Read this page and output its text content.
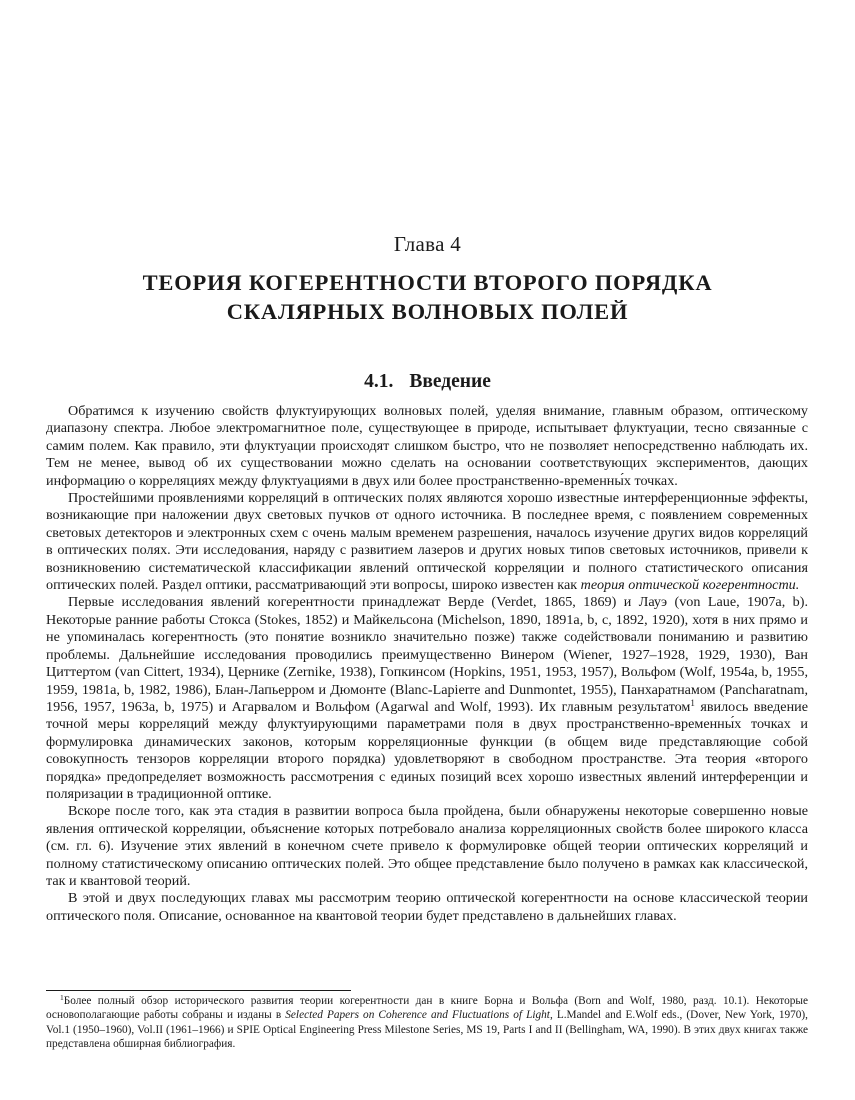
Глава 4
ТЕОРИЯ КОГЕРЕНТНОСТИ ВТОРОГО ПОРЯДКА
СКАЛЯРНЫХ ВОЛНОВЫХ ПОЛЕЙ
4.1. Введение

Обратимся к изучению свойств флуктуирующих волновых полей, уделяя внимание, главным образом, оптическому диапазону спектра. Любое электромагнитное поле, существующее в природе, испытывает флуктуации, тесно связанные с самим полем. Как правило, эти флуктуации происходят слишком быстро, что не позволяет непосредственно наблюдать их. Тем не менее, вывод об их существовании можно сделать на основании соответствующих экспериментов, дающих информацию о корреляциях между флуктуациями в двух или более пространственно-временны́х точках.

Простейшими проявлениями корреляций в оптических полях являются хорошо известные интерференционные эффекты, возникающие при наложении двух световых пучков от одного источника. В последнее время, с появлением современных световых детекторов и электронных схем с очень малым временем разрешения, началось изучение других видов корреляций в оптических полях. Эти исследования, наряду с развитием лазеров и других новых типов световых источников, привели к возникновению систематической классификации явлений оптической корреляции и полного статистического описания оптических полей. Раздел оптики, рассматривающий эти вопросы, широко известен как теория оптической когерентности.

Первые исследования явлений когерентности принадлежат Верде (Verdet, 1865, 1869) и Лауэ (von Laue, 1907a, b). Некоторые ранние работы Стокса (Stokes, 1852) и Майкельсона (Michelson, 1890, 1891a, b, c, 1892, 1920), хотя в них прямо и не упоминалась когерентность (это понятие возникло значительно позже) также содействовали пониманию и развитию проблемы. Дальнейшие исследования проводились преимущественно Винером (Wiener, 1927–1928, 1929, 1930), Ван Циттертом (van Cittert, 1934), Цернике (Zernike, 1938), Гопкинсом (Hopkins, 1951, 1953, 1957), Вольфом (Wolf, 1954a, b, 1955, 1959, 1981a, b, 1982, 1986), Блан-Лапьерром и Дюмонте (Blanc-Lapierre and Dunmontet, 1955), Панхаратнамом (Pancharatnam, 1956, 1957, 1963a, b, 1975) и Агарвалом и Вольфом (Agarwal and Wolf, 1993). Их главным результатом$^1$ явилось введение точной меры корреляций между флуктуирующими параметрами поля в двух пространственно-временны́х точках и формулировка динамических законов, которым корреляционные функции (в общем виде представляющие собой совокупность тензоров корреляции второго порядка) удовлетворяют в свободном пространстве. Эта теория «второго порядка» предопределяет возможность рассмотрения с единых позиций всех хорошо известных явлений интерференции и поляризации в традиционной оптике.

Вскоре после того, как эта стадия в развитии вопроса была пройдена, были обнаружены некоторые совершенно новые явления оптической корреляции, объяснение которых потребовало анализа корреляционных свойств более широкого класса (см. гл. 6). Изучение этих явлений в конечном счете привело к формулировке общей теории оптических корреляций и полному статистическому описанию оптических полей. Это общее представление было получено в рамках как классической, так и квантовой теорий.

В этой и двух последующих главах мы рассмотрим теорию оптической когерентности на основе классической теории оптического поля. Описание, основанное на квантовой теории будет представлено в дальнейших главах.

$^1$Более полный обзор исторического развития теории когерентности дан в книге Борна и Вольфа (Born and Wolf, 1980, разд. 10.1). Некоторые основополагающие работы собраны и изданы в Selected Papers on Coherence and Fluctuations of Light, L.Mandel and E.Wolf eds., (Dover, New York, 1970), Vol.1 (1950–1960), Vol.II (1961–1966) и SPIE Optical Engineering Press Milestone Series, MS 19, Parts I and II (Bellingham, WA, 1990). В этих двух книгах также представлена обширная библиография.
